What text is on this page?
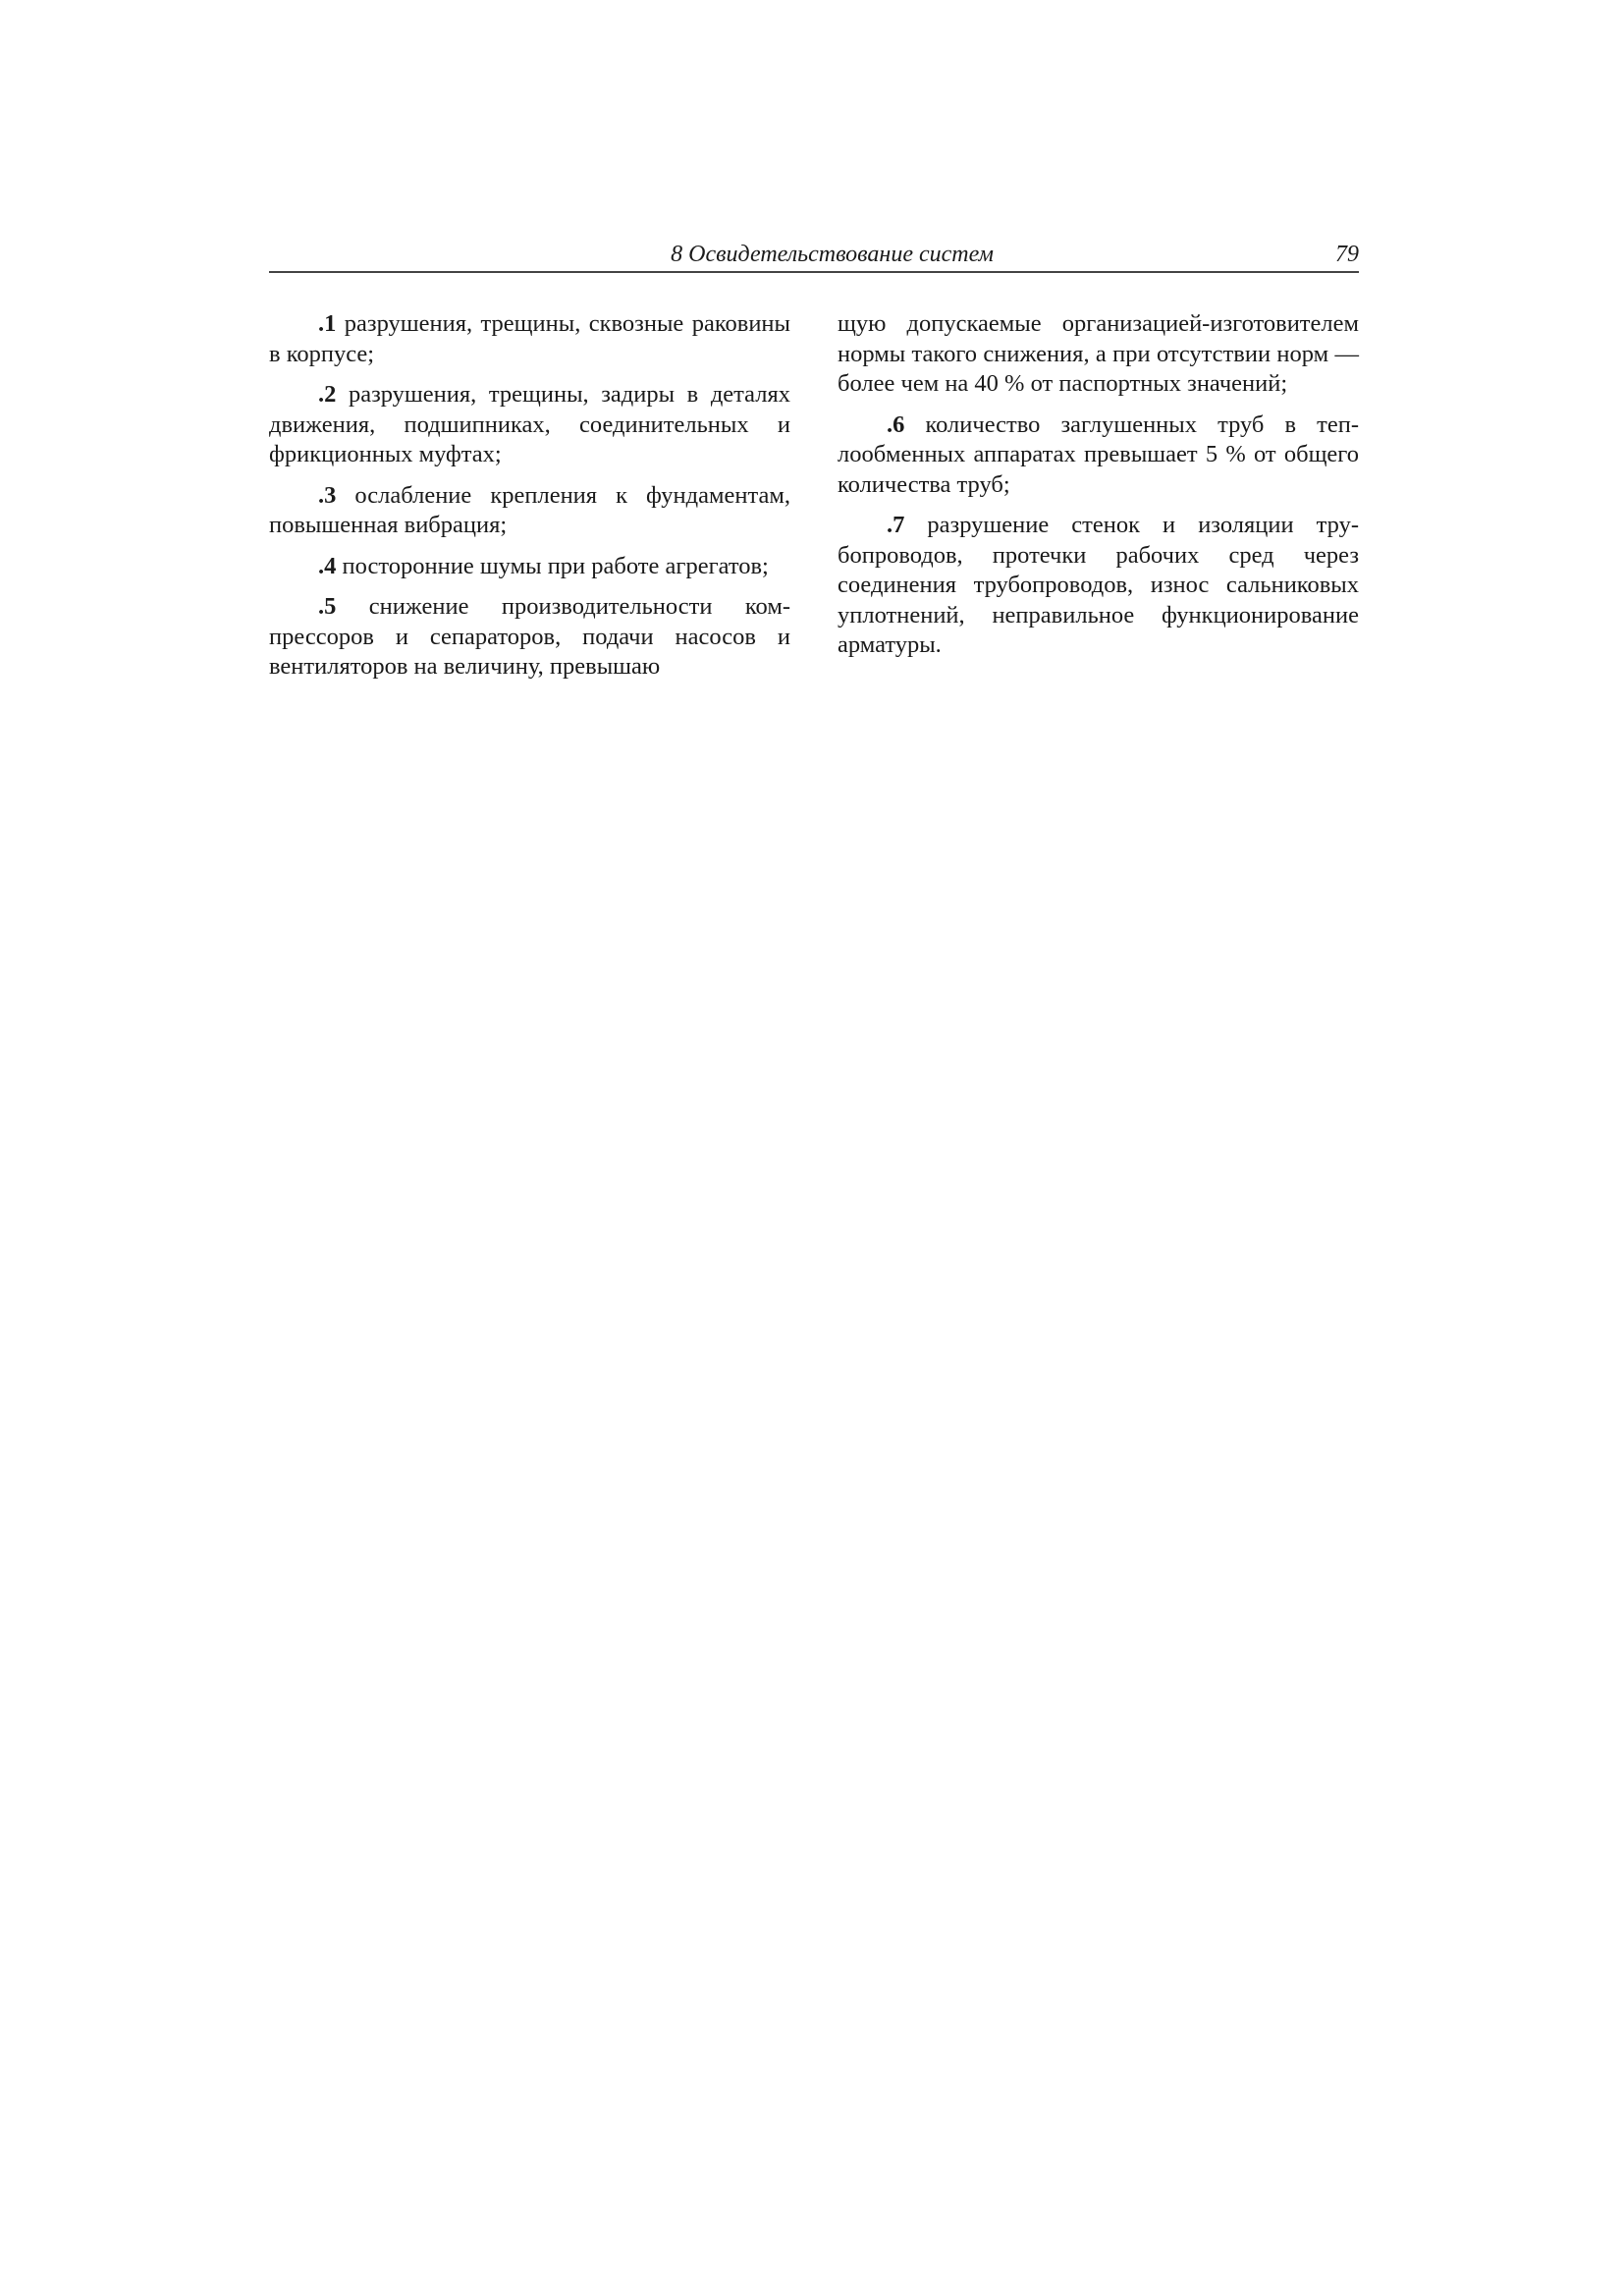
8 Освидетельствование систем	79

.1 разрушения, трещины, сквозные раковины в корпусе;

.2 разрушения, трещины, задиры в деталях движения, подшипниках, соединительных и фрикционных муфтах;

.3 ослабление крепления к фундаментам, повышенная вибрация;

.4 посторонние шумы при работе агрегатов;

.5 снижение производительности компрессоров и сепараторов, подачи насосов и вентиляторов на величину, превышаю

щую допускаемые организацией-изготовителем нормы такого снижения, а при отсутствии норм — более чем на 40 % от паспортных значений;

.6 количество заглушенных труб в теплообменных аппаратах превышает 5 % от общего количества труб;

.7 разрушение стенок и изоляции трубопроводов, протечки рабочих сред через соединения трубопроводов, износ сальниковых уплотнений, неправильное функционирование арматуры.
